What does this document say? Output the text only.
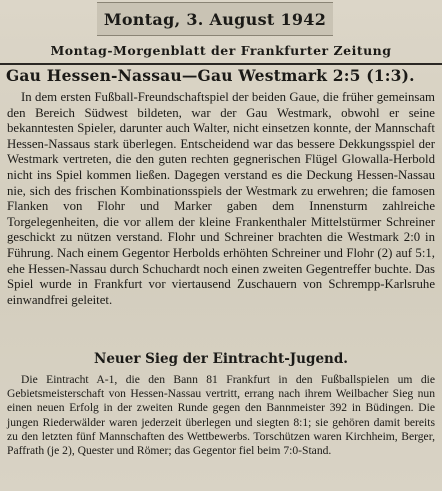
Montag, 3. August 1942
Montag-Morgenblatt der Frankfurter Zeitung
Gau Hessen-Nassau—Gau Westmark 2:5 (1:3).

In dem ersten Fußball-Freundschaftspiel der beiden Gaue, die früher gemeinsam den Bereich Südwest bildeten, war der Gau Westmark, obwohl er seine bekanntesten Spieler, darunter auch Walter, nicht einsetzen konnte, der Mannschaft Hessen-Nassaus stark überlegen. Entscheidend war das bessere Dekkungsspiel der Westmark vertreten, die den guten rechten gegnerischen Flügel Glowalla-Herbold nicht ins Spiel kommen ließen. Dagegen verstand es die Deckung Hessen-Nassau nie, sich des frischen Kombinationsspiels der Westmark zu erwehren; die famosen Flanken von Flohr und Marker gaben dem Innensturm zahlreiche Torgelegenheiten, die vor allem der kleine Frankenthaler Mittelstürmer Schreiner geschickt zu nützen verstand. Flohr und Schreiner brachten die Westmark 2:0 in Führung. Nach einem Gegentor Herbolds erhöhten Schreiner und Flohr (2) auf 5:1, ehe Hessen-Nassau durch Schuchardt noch einen zweiten Gegentreffer buchte. Das Spiel wurde in Frankfurt vor viertausend Zuschauern von Schrempp-Karlsruhe einwandfrei geleitet.

Neuer Sieg der Eintracht-Jugend.

Die Eintracht A-1, die den Bann 81 Frankfurt in den Fußballspielen um die Gebietsmeisterschaft von Hessen-Nassau vertritt, errang nach ihrem Weilbacher Sieg nun einen neuen Erfolg in der zweiten Runde gegen den Bannmeister 392 in Büdingen. Die jungen Riederwälder waren jederzeit überlegen und siegten 8:1; sie gehören damit bereits zu den letzten fünf Mannschaften des Wettbewerbs. Torschützen waren Kirchheim, Berger, Paffrath (je 2), Quester und Römer; das Gegentor fiel beim 7:0-Stand.
